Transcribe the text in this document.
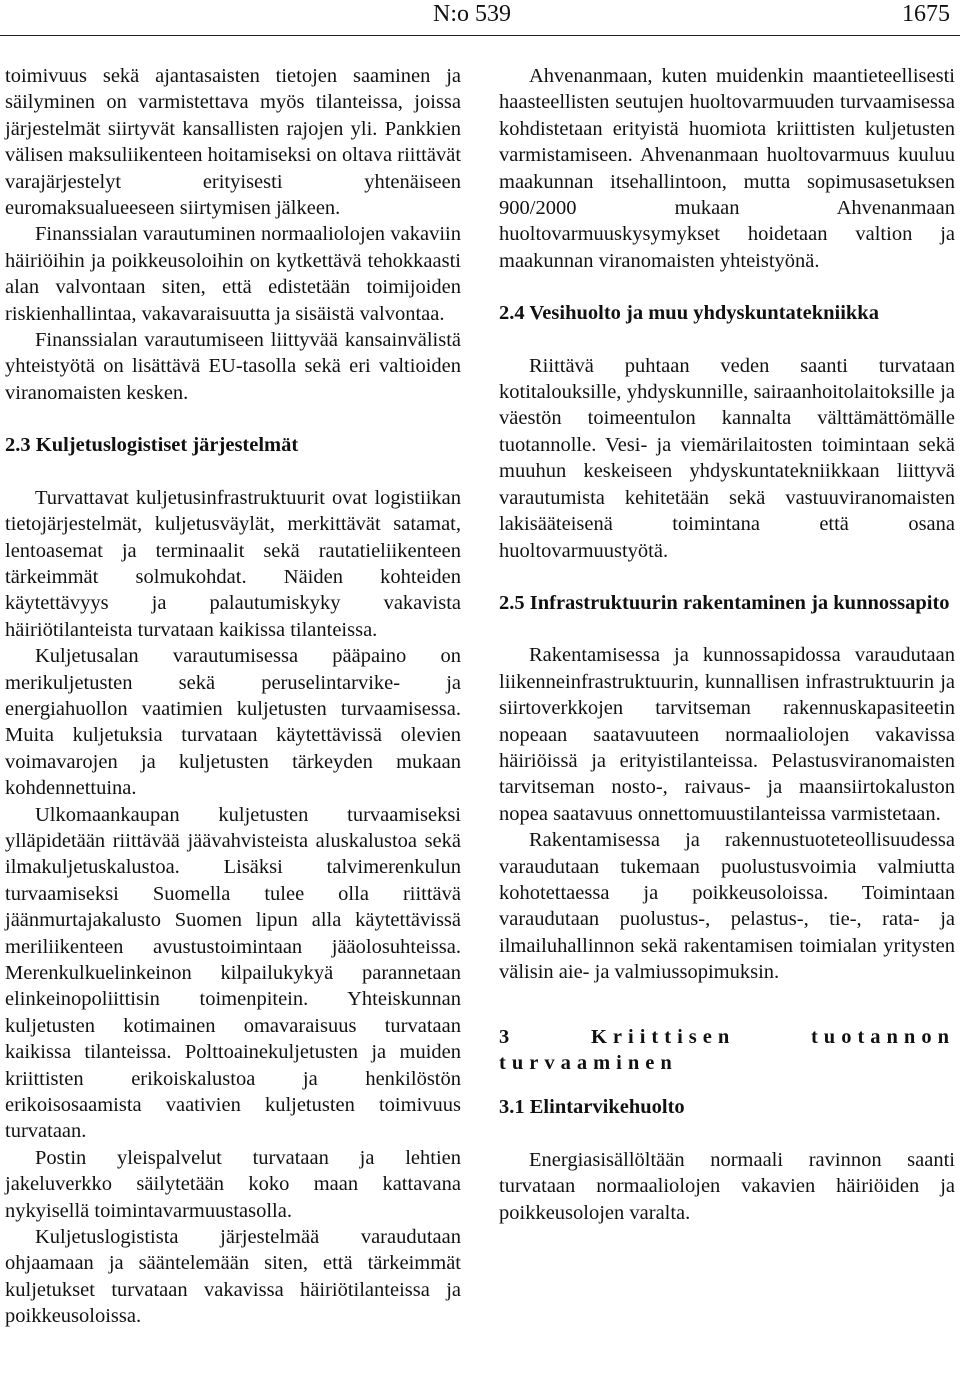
N:o 539	1675

toimivuus sekä ajantasaisten tietojen saaminen ja säilyminen on varmistettava myös tilanteissa, joissa järjestelmät siirtyvät kansallisten rajojen yli. Pankkien välisen maksuliikenteen hoitamiseksi on oltava riittävät varajärjestelyt erityisesti yhtenäiseen euromaksualueeseen siirtymisen jälkeen.

Finanssialan varautuminen normaaliolojen vakaviin häiriöihin ja poikkeusoloihin on kytkettävä tehokkaasti alan valvontaan siten, että edistetään toimijoiden riskienhallintaa, vakavaraisuutta ja sisäistä valvontaa.

Finanssialan varautumiseen liittyvää kansainvälistä yhteistyötä on lisättävä EU-tasolla sekä eri valtioiden viranomaisten kesken.

2.3 Kuljetuslogistiset järjestelmät

Turvattavat kuljetusinfrastruktuurit ovat logistiikan tietojärjestelmät, kuljetusväylät, merkittävät satamat, lentoasemat ja terminaalit sekä rautatieliikenteen tärkeimmät solmukohdat. Näiden kohteiden käytettävyys ja palautumiskyky vakavista häiriötilanteista turvataan kaikissa tilanteissa.

Kuljetusalan varautumisessa pääpaino on merikuljetusten sekä peruselintarvike- ja energiahuollon vaatimien kuljetusten turvaamisessa. Muita kuljetuksia turvataan käytettävissä olevien voimavarojen ja kuljetusten tärkeyden mukaan kohdennettuina.

Ulkomaankaupan kuljetusten turvaamiseksi ylläpidetään riittävää jäävahvisteista aluskalustoa sekä ilmakuljetuskalustoa. Lisäksi talvimerenkulun turvaamiseksi Suomella tulee olla riittävä jäänmurtajakalusto Suomen lipun alla käytettävissä meriliikenteen avustustoimintaan jääolosuhteissa. Merenkulkuelinkeinon kilpailukykyä parannetaan elinkeinopoliittisin toimenpitein. Yhteiskunnan kuljetusten kotimainen omavaraisuus turvataan kaikissa tilanteissa. Polttoainekuljetusten ja muiden kriittisten erikoiskalustoa ja henkilöstön erikoisosaamista vaativien kuljetusten toimivuus turvataan.

Postin yleispalvelut turvataan ja lehtien jakeluverkko säilytetään koko maan kattavana nykyisellä toimintavarmuustasolla.

Kuljetuslogistista järjestelmää varaudutaan ohjaamaan ja sääntelemään siten, että tärkeimmät kuljetukset turvataan vakavissa häiriötilanteissa ja poikkeusoloissa.

Ahvenanmaan, kuten muidenkin maantieteellisesti haasteellisten seutujen huoltovarmuuden turvaamisessa kohdistetaan erityistä huomiota kriittisten kuljetusten varmistamiseen. Ahvenanmaan huoltovarmuus kuuluu maakunnan itsehallintoon, mutta sopimusasetuksen 900/2000 mukaan Ahvenanmaan huoltovarmuuskysymykset hoidetaan valtion ja maakunnan viranomaisten yhteistyönä.

2.4 Vesihuolto ja muu yhdyskuntatekniikka

Riittävä puhtaan veden saanti turvataan kotitalouksille, yhdyskunnille, sairaanhoitolaitoksille ja väestön toimeentulon kannalta välttämättömälle tuotannolle. Vesi- ja viemärilaitosten toimintaan sekä muuhun keskeiseen yhdyskuntatekniikkaan liittyvä varautumista kehitetään sekä vastuuviranomaisten lakisääteisenä toimintana että osana huoltovarmuustyötä.

2.5 Infrastruktuurin rakentaminen ja kunnossapito

Rakentamisessa ja kunnossapidossa varaudutaan liikenneinfrastruktuurin, kunnallisen infrastruktuurin ja siirtoverkkojen tarvitseman rakennuskapasiteetin nopeaan saatavuuteen normaaliolojen vakavissa häiriöissä ja erityistilanteissa. Pelastusviranomaisten tarvitseman nosto-, raivaus- ja maansiirtokaluston nopea saatavuus onnettomuustilanteissa varmistetaan.

Rakentamisessa ja rakennustuoteteollisuudessa varaudutaan tukemaan puolustusvoimia valmiutta kohotettaessa ja poikkeusoloissa. Toimintaan varaudutaan puolustus-, pelastus-, tie-, rata- ja ilmailuhallinnon sekä rakentamisen toimialan yritysten välisin aie- ja valmiussopimuksin.

3 Kriittisen tuotannon turvaaminen
3.1 Elintarvikehuolto

Energiasisällöltään normaali ravinnon saanti turvataan normaaliolojen vakavien häiriöiden ja poikkeusolojen varalta.
